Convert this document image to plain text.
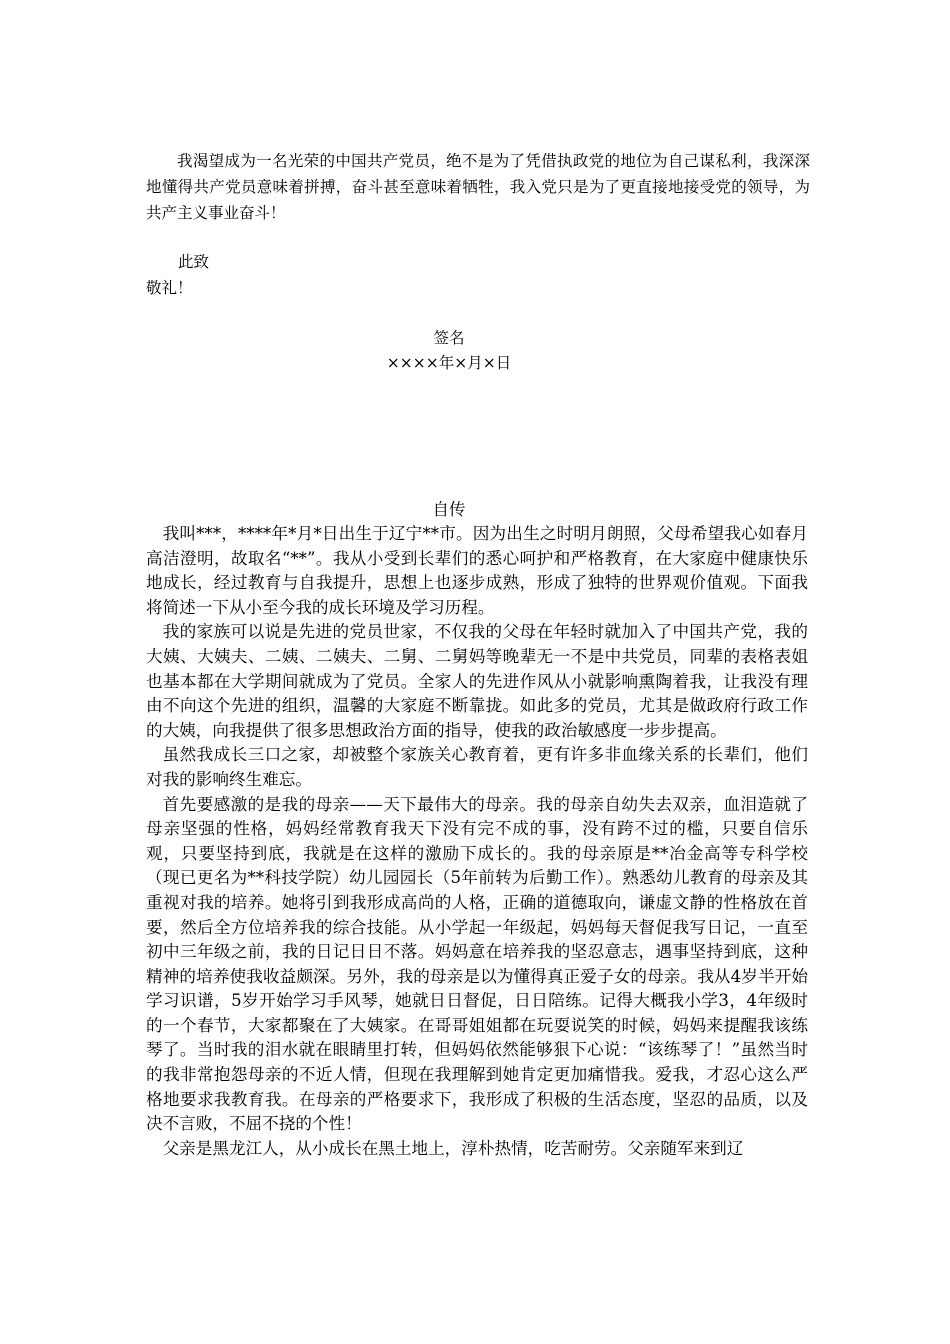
我渴望成为一名光荣的中国共产党员，绝不是为了凭借执政党的地位为自己谋私利，我深深地懂得共产党员意味着拼搏，奋斗甚至意味着牺牲，我入党只是为了更直接地接受党的领导，为共产主义事业奋斗！

此致
敬礼！
签名
××××年×月×日
自传

我叫***，****年*月*日出生于辽宁**市。因为出生之时明月朗照，父母希望我心如春月高洁澄明，故取名“**”。我从小受到长辈们的悉心呵护和严格教育，在大家庭中健康快乐地成长，经过教育与自我提升，思想上也逐步成熟，形成了独特的世界观价值观。下面我将简述一下从小至今我的成长环境及学习历程。

我的家族可以说是先进的党员世家，不仅我的父母在年轻时就加入了中国共产党，我的大姨、大姨夫、二姨、二姨夫、二舅、二舅妈等晚辈无一不是中共党员，同辈的表格表姐也基本都在大学期间就成为了党员。全家人的先进作风从小就影响熏陶着我，让我没有理由不向这个先进的组织，温馨的大家庭不断靠拢。如此多的党员，尤其是做政府行政工作的大姨，向我提供了很多思想政治方面的指导，使我的政治敏感度一步步提高。

虽然我成长三口之家，却被整个家族关心教育着，更有许多非血缘关系的长辈们，他们对我的影响终生难忘。

首先要感激的是我的母亲——天下最伟大的母亲。我的母亲自幼失去双亲，血泪造就了母亲坚强的性格，妈妈经常教育我天下没有完不成的事，没有跨不过的槛，只要自信乐观，只要坚持到底，我就是在这样的激励下成长的。我的母亲原是**冶金高等专科学校（现已更名为**科技学院）幼儿园园长（5年前转为后勤工作）。熟悉幼儿教育的母亲及其重视对我的培养。她将引到我形成高尚的人格，正确的道德取向，谦虚文静的性格放在首要，然后全方位培养我的综合技能。从小学起一年级起，妈妈每天督促我写日记，一直至初中三年级之前，我的日记日日不落。妈妈意在培养我的坚忍意志，遇事坚持到底，这种精神的培养使我收益颇深。另外，我的母亲是以为懂得真正爱子女的母亲。我从4岁半开始学习识谱，5岁开始学习手风琴，她就日日督促，日日陪练。记得大概我小学3，4年级时的一个春节，大家都聚在了大姨家。在哥哥姐姐都在玩耍说笑的时候，妈妈来提醒我该练琴了。当时我的泪水就在眼睛里打转，但妈妈依然能够狠下心说：“该练琴了！”虽然当时的我非常抱怨母亲的不近人情，但现在我理解到她肯定更加痛惜我。爱我，才忍心这么严格地要求我教育我。在母亲的严格要求下，我形成了积极的生活态度，坚忍的品质，以及决不言败，不屈不挠的个性！

父亲是黑龙江人，从小成长在黑土地上，淳朴热情，吃苦耐劳。父亲随军来到辽
